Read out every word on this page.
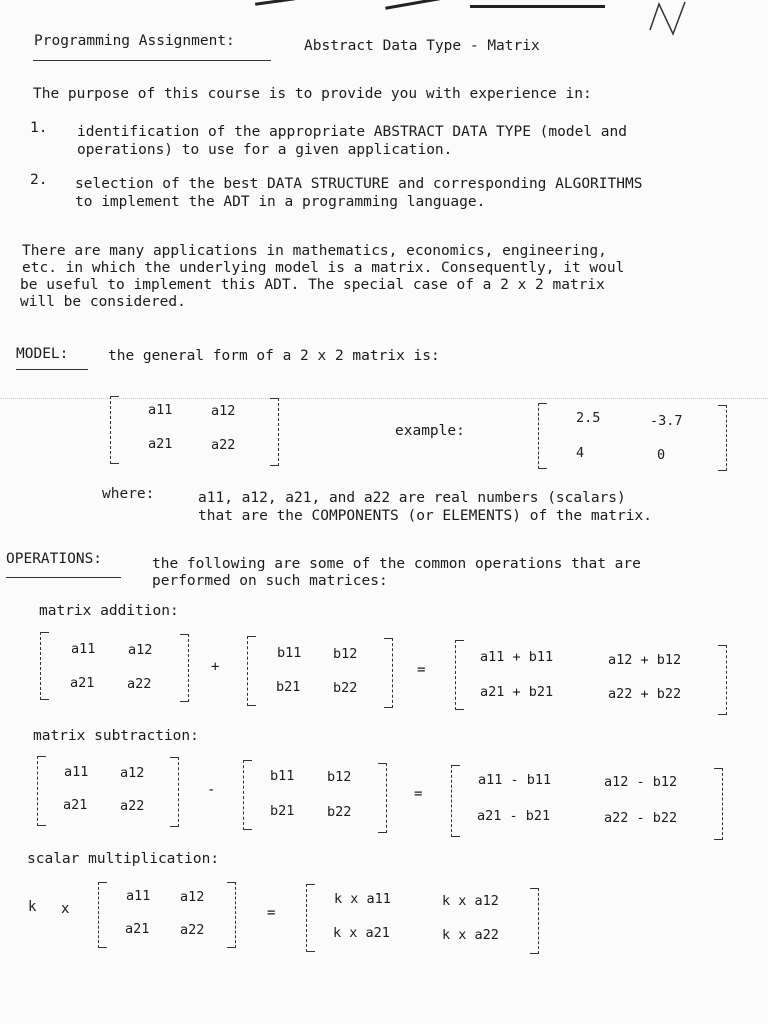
Programming Assignment:	Abstract Data Type - Matrix
The purpose of this course is to provide you with experience in:
1. identification of the appropriate ABSTRACT DATA TYPE (model and
operations) to use for a given application.
2. selection of the best DATA STRUCTURE and corresponding ALGORITHMS
to implement the ADT in a programming language.
There are many applications in mathematics, economics, engineering,
etc. in which the underlying model is a matrix. Consequently, it woul
be useful to implement this ADT. The special case of a 2 x 2 matrix
will be considered.
MODEL:	the general form of a 2 x 2 matrix is:
a11	a12
a21	a22
example:
2.5	-3.7
4	0
where:	a11, a12, a21, and a22 are real numbers (scalars)
that are the COMPONENTS (or ELEMENTS) of the matrix.
OPERATIONS:	the following are some of the common operations that are
performed on such matrices:
matrix addition:
a11 a12
a21 a22
+
b11 b12
b21 b22
=
a11 + b11	a12 + b12
a21 + b21	a22 + b22
matrix subtraction:
a11 a12
a21 a22
-
b11 b12
b21 b22
=
a11 - b11	a12 - b12
a21 - b21	a22 - b22
scalar multiplication:
k x
a11 a12
a21 a22
=
k x a11	k x a12
k x a21	k x a22
